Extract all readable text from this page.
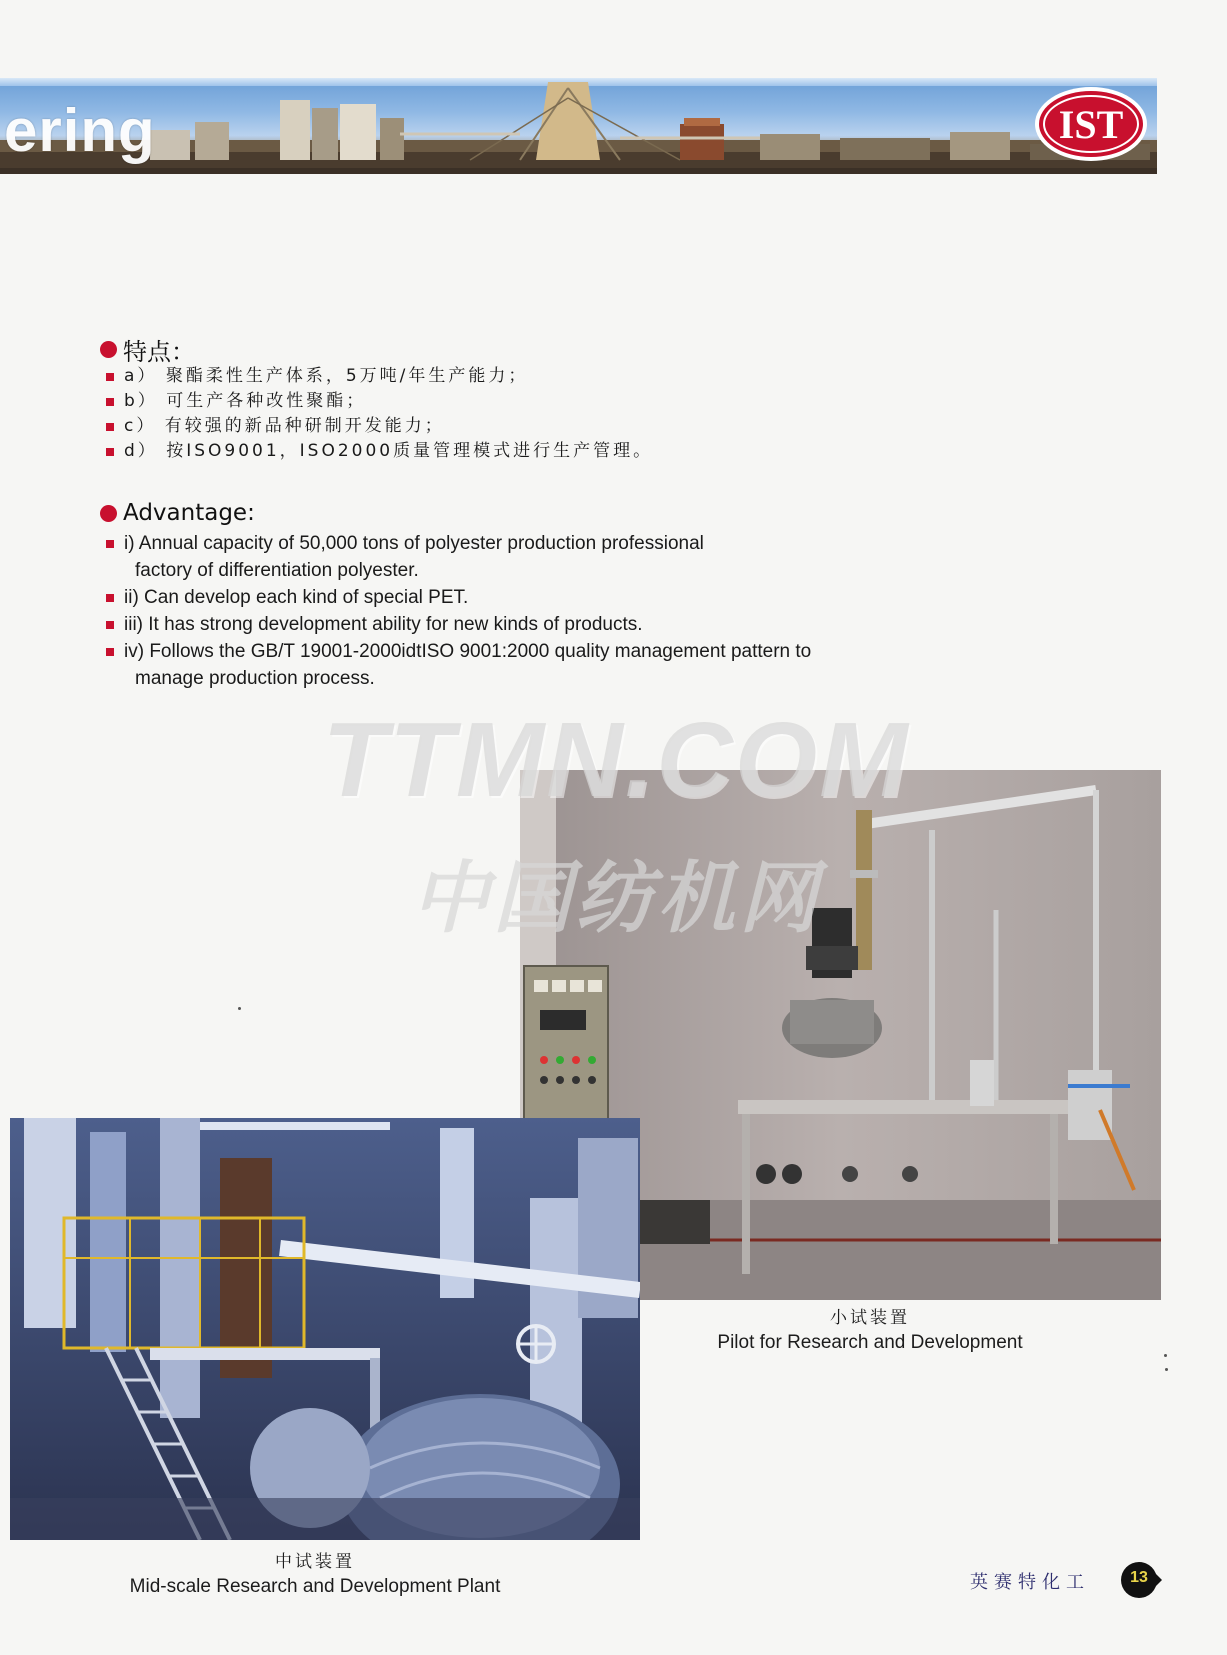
ering	IST
特点：
a） 聚酯柔性生产体系，5万吨/年生产能力；
b） 可生产各种改性聚酯；
c） 有较强的新品种研制开发能力；
d） 按ISO9001，ISO2000质量管理模式进行生产管理。
Advantage:
i) Annual capacity of 50,000 tons of polyester production professional
factory of differentiation polyester.
ii) Can develop each kind of special PET.
iii) It has strong development ability for new kinds of products.
iv) Follows the GB/T 19001-2000idtISO 9001:2000 quality management pattern to
manage production process.
TTMN.COM
中国纺机网
小试装置
Pilot for Research and Development
中试装置
Mid-scale Research and Development Plant	英赛特化工	13
